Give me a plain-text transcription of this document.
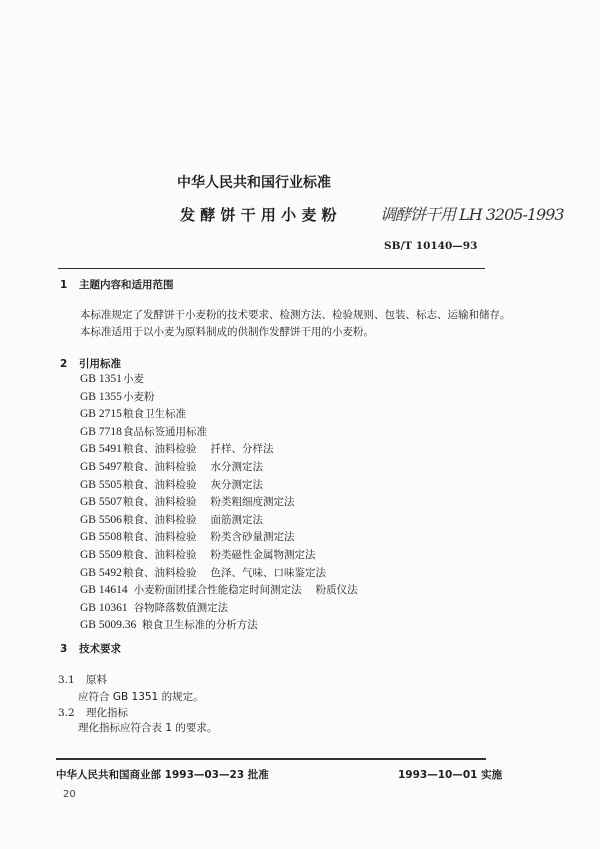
中华人民共和国行业标准
发 酵 饼 干 用 小 麦 粉	调酵饼干用 LH 3205-1993
SB/T 10140—93
1 主题内容和适用范围
本标准规定了发酵饼干小麦粉的技术要求、检测方法、检验规则、包装、标志、运输和储存。
本标准适用于以小麦为原料制成的供制作发酵饼干用的小麦粉。
2 引用标准
GB 1351小麦
GB 1355小麦粉
GB 2715粮食卫生标准
GB 7718食品标签通用标准
GB 5491粮食、油料检验 扦样、分样法
GB 5497粮食、油料检验 水分测定法
GB 5505粮食、油料检验 灰分测定法
GB 5507粮食、油料检验 粉类粗细度测定法
GB 5506粮食、油料检验 面筋测定法
GB 5508粮食、油料检验 粉类含砂量测定法
GB 5509粮食、油料检验 粉类磁性金属物测定法
GB 5492粮食、油料检验 色泽、气味、口味鉴定法
GB 14614 小麦粉面团揉合性能稳定时间测定法 粉质仪法
GB 10361 谷物降落数值测定法
GB 5009.36 粮食卫生标准的分析方法
3 技术要求
3.1 原料
应符合 GB 1351 的规定。
3.2 理化指标
理化指标应符合表 1 的要求。
中华人民共和国商业部 1993—03—23 批准	1993—10—01 实施
20
